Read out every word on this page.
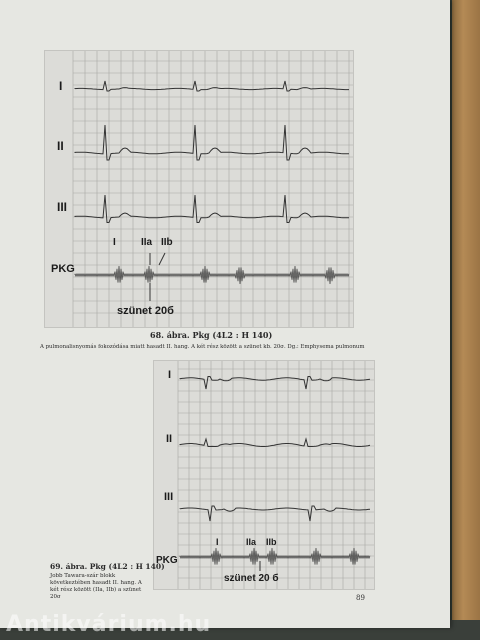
I
II
III
PKG
I	IIa IIb
szünet 20б
68. ábra. Pkg (4L2 : H 140)
A pulmonalisnyomás fokozódása miatt hasadt II. hang. A két rész között a szünet kb. 20σ. Dg.: Emphysema pulmonum
I
II
III
PKG
I	IIa IIb
szünet 20 б
69. ábra. Pkg (4L2 : H 140)
Jobb Tawara-szár blokk következtében hasadt II. hang. A két rész között (IIa, IIb) a szünet 20σ	89
Antikvárium.hu
